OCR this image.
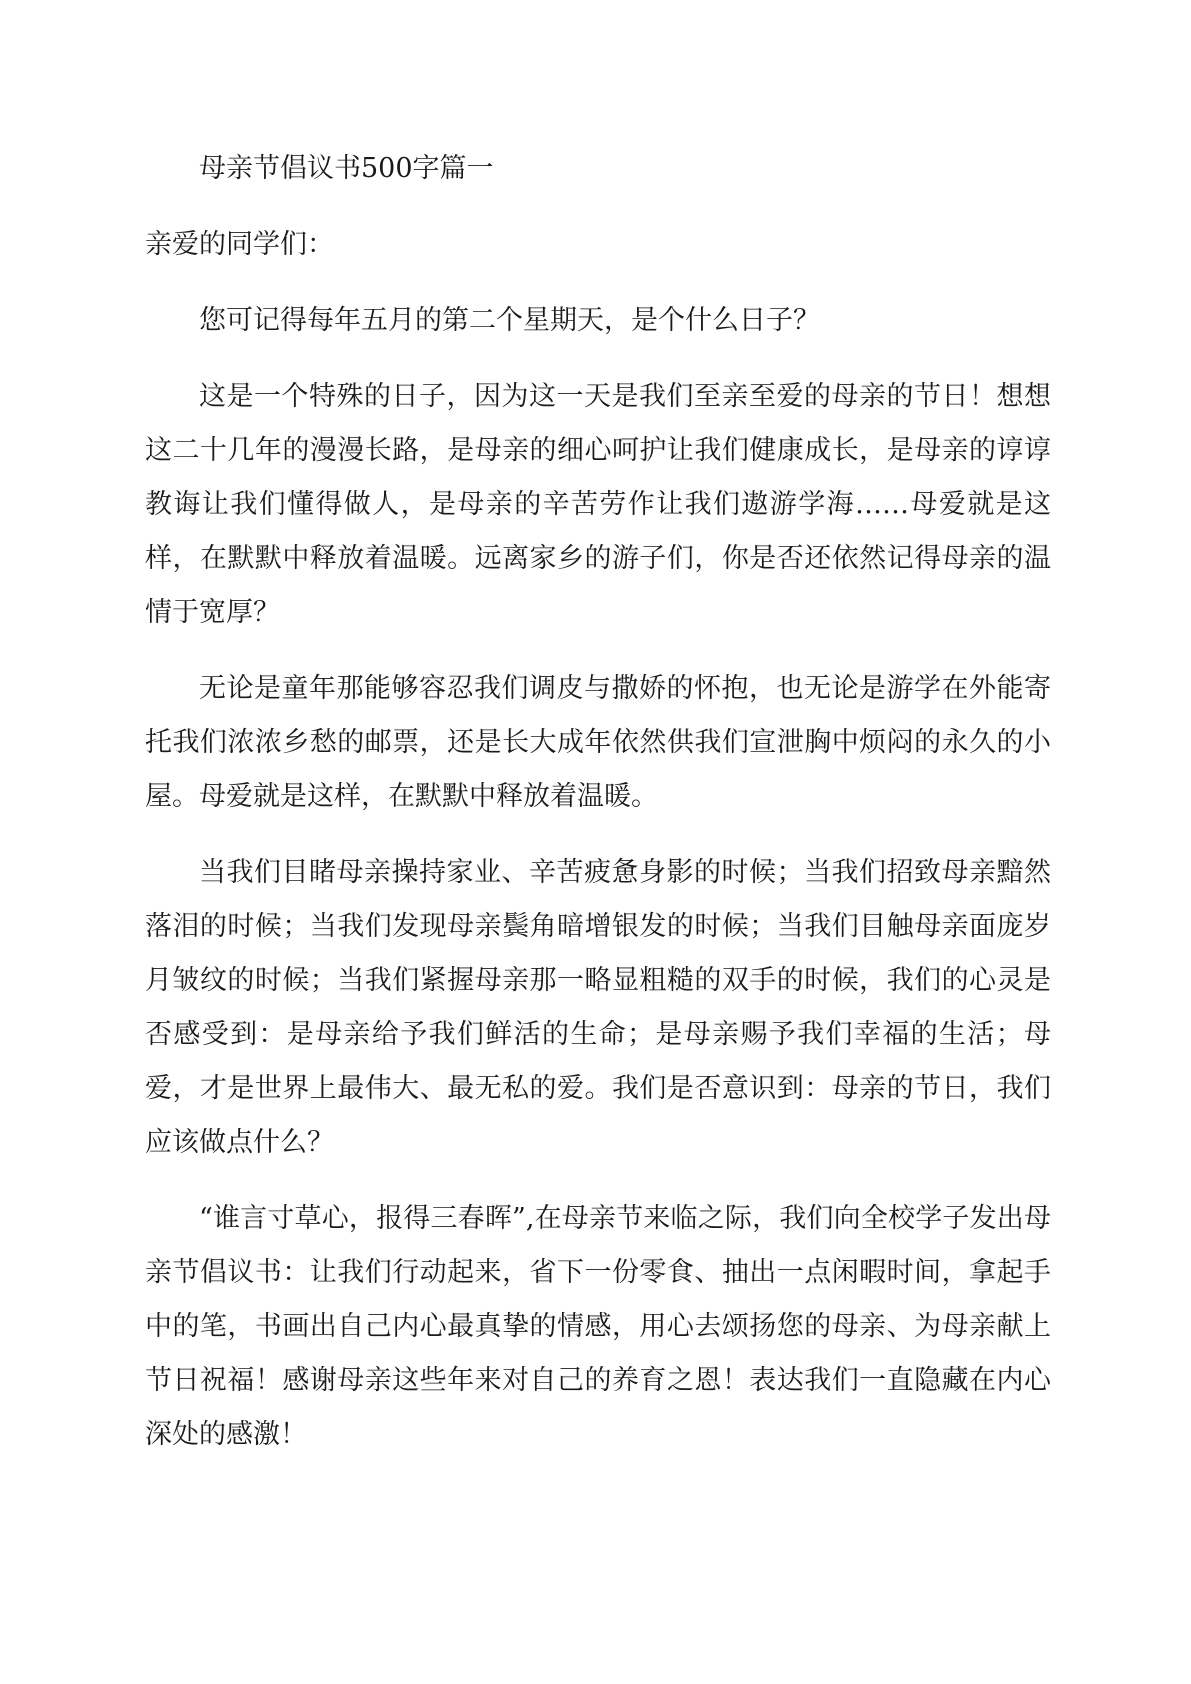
母亲节倡议书500字篇一

亲爱的同学们：

您可记得每年五月的第二个星期天，是个什么日子？

这是一个特殊的日子，因为这一天是我们至亲至爱的母亲的节日！想想这二十几年的漫漫长路，是母亲的细心呵护让我们健康成长，是母亲的谆谆教诲让我们懂得做人，是母亲的辛苦劳作让我们遨游学海……母爱就是这样，在默默中释放着温暖。远离家乡的游子们，你是否还依然记得母亲的温情于宽厚？

无论是童年那能够容忍我们调皮与撒娇的怀抱，也无论是游学在外能寄托我们浓浓乡愁的邮票，还是长大成年依然供我们宣泄胸中烦闷的永久的小屋。母爱就是这样，在默默中释放着温暖。

当我们目睹母亲操持家业、辛苦疲惫身影的时候；当我们招致母亲黯然落泪的时候；当我们发现母亲鬓角暗增银发的时候；当我们目触母亲面庞岁月皱纹的时候；当我们紧握母亲那一略显粗糙的双手的时候，我们的心灵是否感受到：是母亲给予我们鲜活的生命；是母亲赐予我们幸福的生活；母爱，才是世界上最伟大、最无私的爱。我们是否意识到：母亲的节日，我们应该做点什么？

“谁言寸草心，报得三春晖”,在母亲节来临之际，我们向全校学子发出母亲节倡议书：让我们行动起来，省下一份零食、抽出一点闲暇时间，拿起手中的笔，书画出自己内心最真挚的情感，用心去颂扬您的母亲、为母亲献上节日祝福！感谢母亲这些年来对自己的养育之恩！表达我们一直隐藏在内心深处的感激！
